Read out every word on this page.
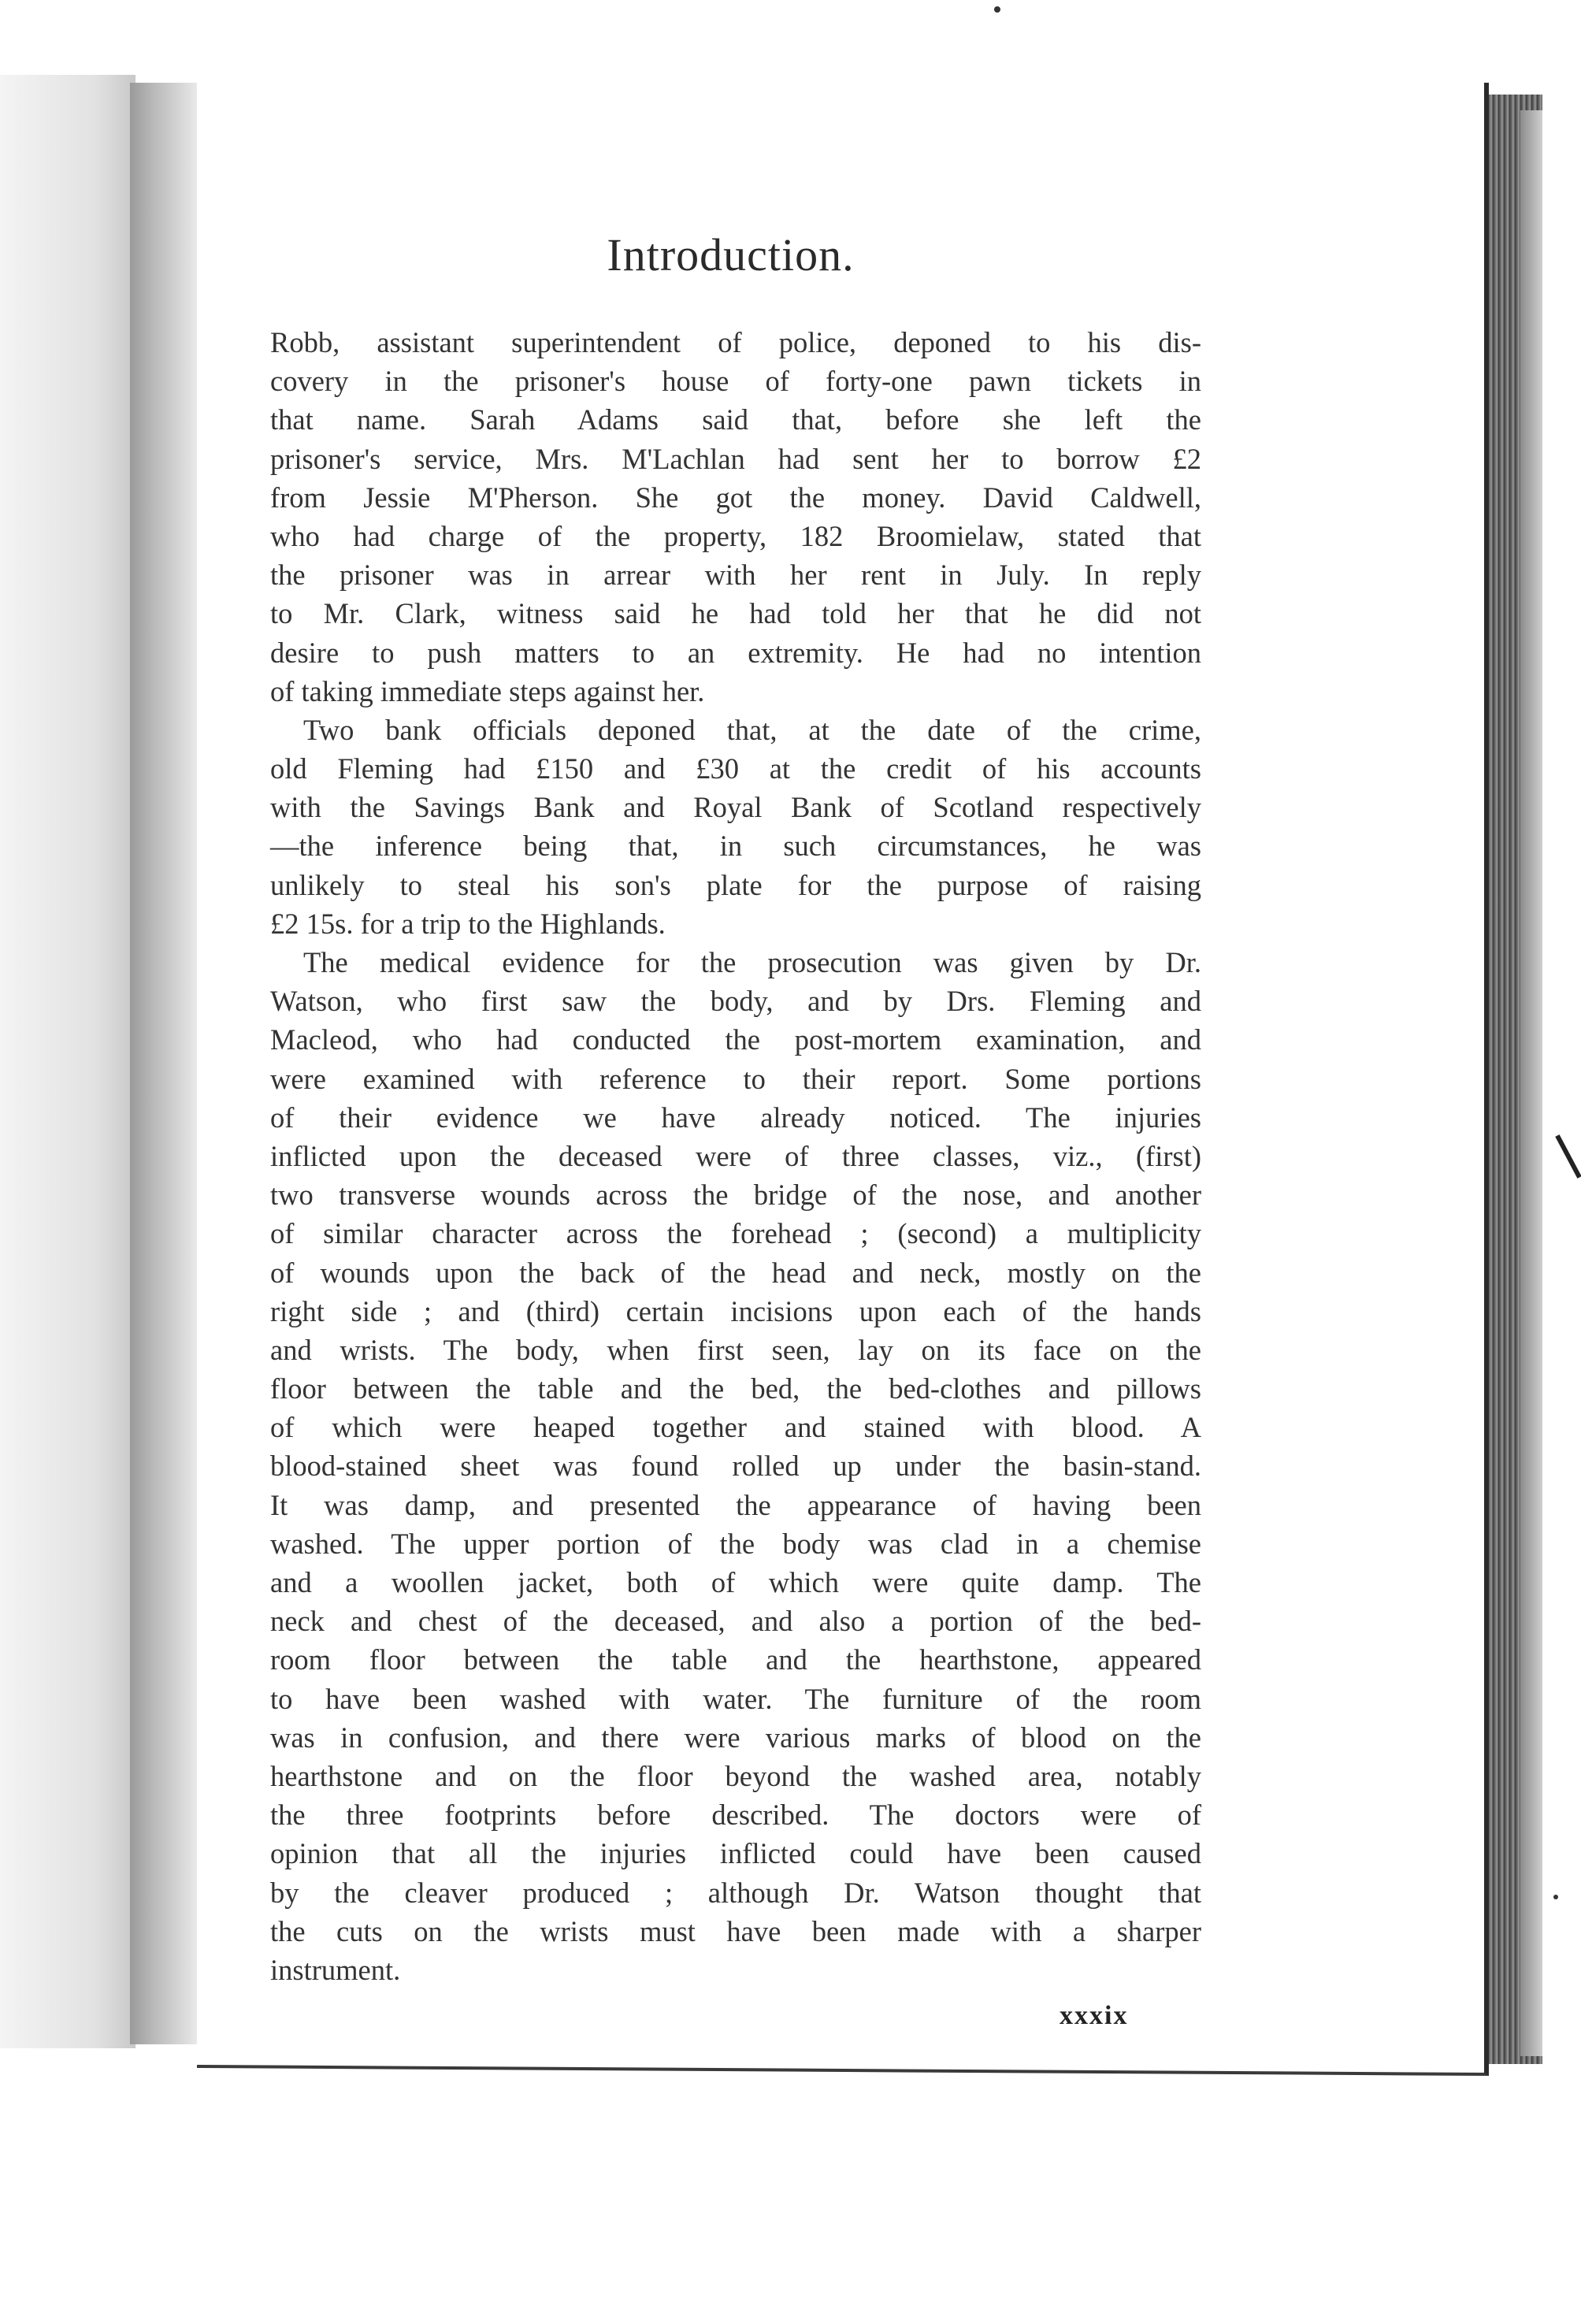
Introduction.
Robb, assistant superintendent of police, deponed to his dis-
covery in the prisoner's house of forty-one pawn tickets in
that name. Sarah Adams said that, before she left the
prisoner's service, Mrs. M'Lachlan had sent her to borrow £2
from Jessie M'Pherson. She got the money. David Caldwell,
who had charge of the property, 182 Broomielaw, stated that
the prisoner was in arrear with her rent in July. In reply
to Mr. Clark, witness said he had told her that he did not
desire to push matters to an extremity. He had no intention
of taking immediate steps against her.
Two bank officials deponed that, at the date of the crime,
old Fleming had £150 and £30 at the credit of his accounts
with the Savings Bank and Royal Bank of Scotland respectively
—the inference being that, in such circumstances, he was
unlikely to steal his son's plate for the purpose of raising
£2 15s. for a trip to the Highlands.
The medical evidence for the prosecution was given by Dr.
Watson, who first saw the body, and by Drs. Fleming and
Macleod, who had conducted the post-mortem examination, and
were examined with reference to their report. Some portions
of their evidence we have already noticed. The injuries
inflicted upon the deceased were of three classes, viz., (first)
two transverse wounds across the bridge of the nose, and another
of similar character across the forehead ; (second) a multiplicity
of wounds upon the back of the head and neck, mostly on the
right side ; and (third) certain incisions upon each of the hands
and wrists. The body, when first seen, lay on its face on the
floor between the table and the bed, the bed-clothes and pillows
of which were heaped together and stained with blood. A
blood-stained sheet was found rolled up under the basin-stand.
It was damp, and presented the appearance of having been
washed. The upper portion of the body was clad in a chemise
and a woollen jacket, both of which were quite damp. The
neck and chest of the deceased, and also a portion of the bed-
room floor between the table and the hearthstone, appeared
to have been washed with water. The furniture of the room
was in confusion, and there were various marks of blood on the
hearthstone and on the floor beyond the washed area, notably
the three footprints before described. The doctors were of
opinion that all the injuries inflicted could have been caused
by the cleaver produced ; although Dr. Watson thought that
the cuts on the wrists must have been made with a sharper
instrument.
xxxix
